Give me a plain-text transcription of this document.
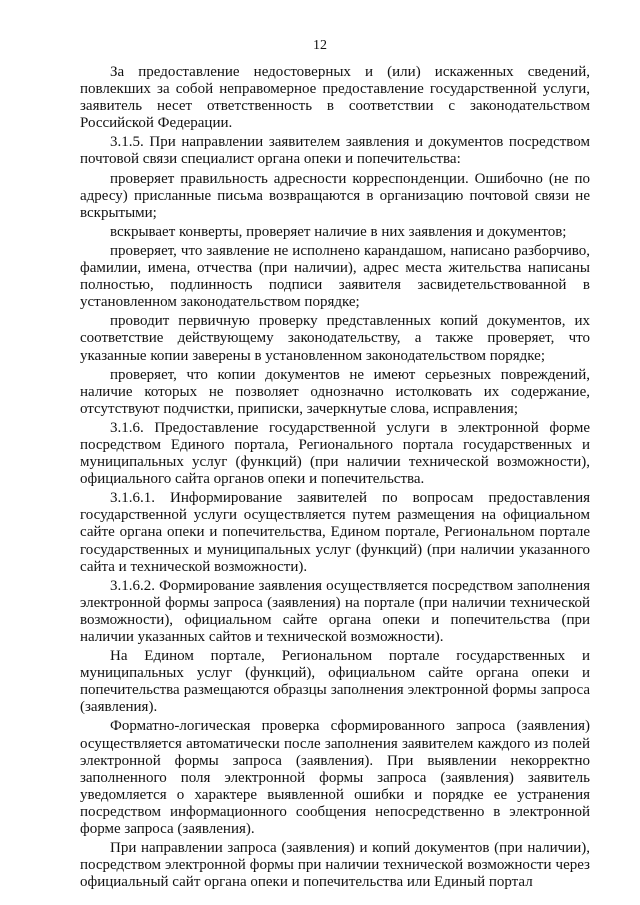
12

За предоставление недостоверных и (или) искаженных сведений, повлекших за собой неправомерное предоставление государственной услуги, заявитель несет ответственность в соответствии с законодательством Российской Федерации.

3.1.5. При направлении заявителем заявления и документов посредством почтовой связи специалист органа опеки и попечительства:

проверяет правильность адресности корреспонденции. Ошибочно (не по адресу) присланные письма возвращаются в организацию почтовой связи не вскрытыми;

вскрывает конверты, проверяет наличие в них заявления и документов;

проверяет, что заявление не исполнено карандашом, написано разборчиво, фамилии, имена, отчества (при наличии), адрес места жительства написаны полностью, подлинность подписи заявителя засвидетельствованной в установленном законодательством порядке;

проводит первичную проверку представленных копий документов, их соответствие действующему законодательству, а также проверяет, что указанные копии заверены в установленном законодательством порядке;

проверяет, что копии документов не имеют серьезных повреждений, наличие которых не позволяет однозначно истолковать их содержание, отсутствуют подчистки, приписки, зачеркнутые слова, исправления;

3.1.6. Предоставление государственной услуги в электронной форме посредством Единого портала, Регионального портала государственных и муниципальных услуг (функций) (при наличии технической возможности), официального сайта органов опеки и попечительства.

3.1.6.1. Информирование заявителей по вопросам предоставления государственной услуги осуществляется путем размещения на официальном сайте органа опеки и попечительства, Едином портале, Региональном портале государственных и муниципальных услуг (функций) (при наличии указанного сайта и технической возможности).

3.1.6.2. Формирование заявления осуществляется посредством заполнения электронной формы запроса (заявления) на портале (при наличии технической возможности), официальном сайте органа опеки и попечительства (при наличии указанных сайтов и технической возможности).

На Едином портале, Региональном портале государственных и муниципальных услуг (функций), официальном сайте органа опеки и попечительства размещаются образцы заполнения электронной формы запроса (заявления).

Форматно-логическая проверка сформированного запроса (заявления) осуществляется автоматически после заполнения заявителем каждого из полей электронной формы запроса (заявления). При выявлении некорректно заполненного поля электронной формы запроса (заявления) заявитель уведомляется о характере выявленной ошибки и порядке ее устранения посредством информационного сообщения непосредственно в электронной форме запроса (заявления).

При направлении запроса (заявления) и копий документов (при наличии), посредством электронной формы при наличии технической возможности через официальный сайт органа опеки и попечительства или Единый портал
